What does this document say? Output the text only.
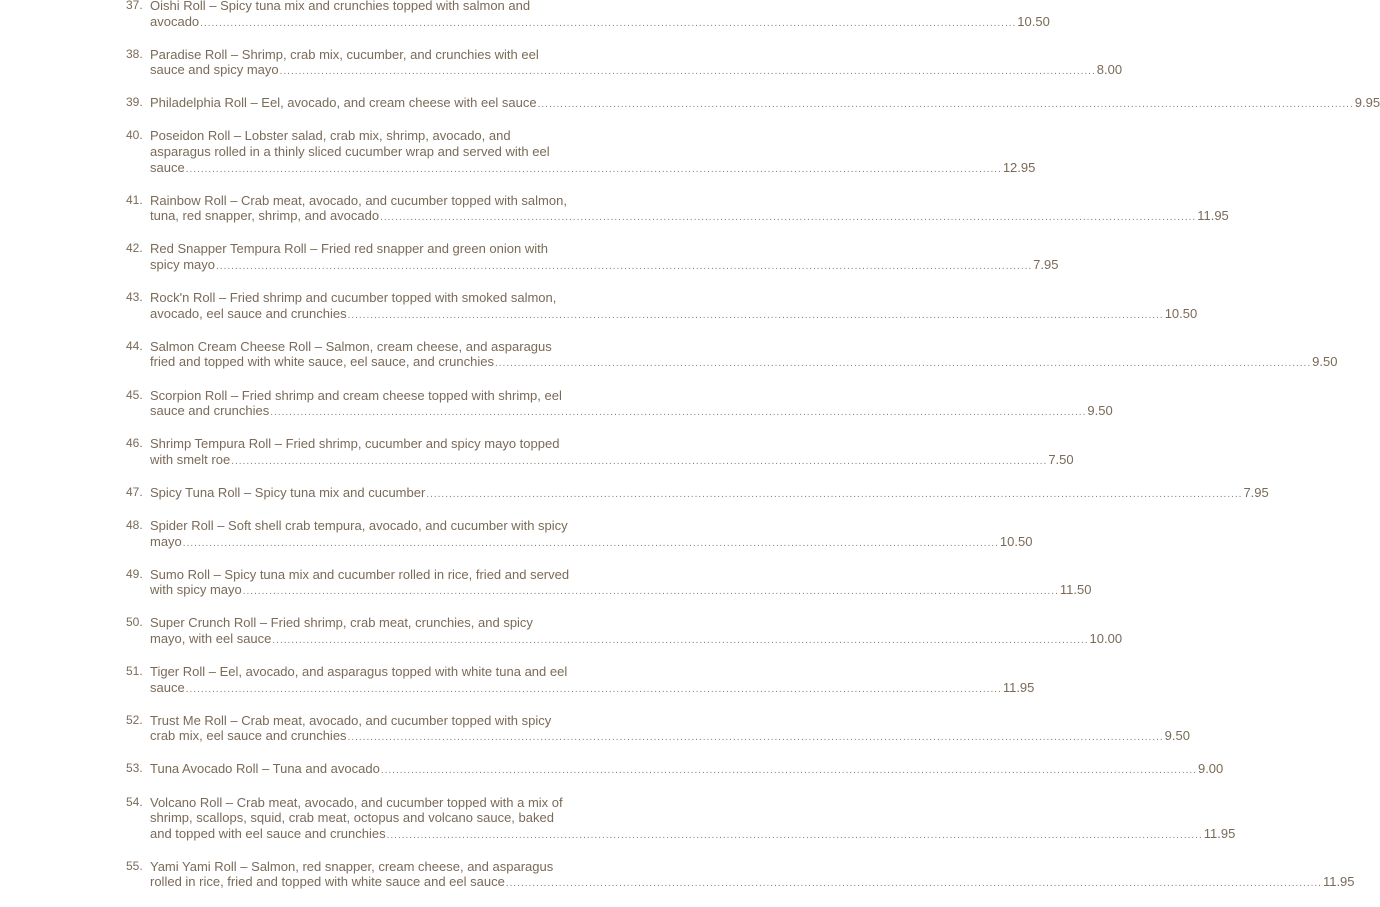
37. Oishi Roll – Spicy tuna mix and crunchies topped with salmon and
avocado .....	10.50
38. Paradise Roll – Shrimp, crab mix, cucumber, and crunchies with eel
sauce and spicy mayo .....	8.00
39. Philadelphia Roll – Eel, avocado, and cream cheese with eel sauce .....	9.95
40. Poseidon Roll – Lobster salad, crab mix, shrimp, avocado, and
asparagus rolled in a thinly sliced cucumber wrap and served with eel
sauce .....	12.95
41. Rainbow Roll – Crab meat, avocado, and cucumber topped with salmon,
tuna, red snapper, shrimp, and avocado .....	11.95
42. Red Snapper Tempura Roll – Fried red snapper and green onion with
spicy mayo .....	7.95
43. Rock'n Roll – Fried shrimp and cucumber topped with smoked salmon,
avocado, eel sauce and crunchies .....	10.50
44. Salmon Cream Cheese Roll – Salmon, cream cheese, and asparagus
fried and topped with white sauce, eel sauce, and crunchies .....	9.50
45. Scorpion Roll – Fried shrimp and cream cheese topped with shrimp, eel
sauce and crunchies .....	9.50
46. Shrimp Tempura Roll – Fried shrimp, cucumber and spicy mayo topped
with smelt roe .....	7.50
47. Spicy Tuna Roll – Spicy tuna mix and cucumber .....	7.95
48. Spider Roll – Soft shell crab tempura, avocado, and cucumber with spicy
mayo .....	10.50
49. Sumo Roll – Spicy tuna mix and cucumber rolled in rice, fried and served
with spicy mayo .....	11.50
50. Super Crunch Roll – Fried shrimp, crab meat, crunchies, and spicy
mayo, with eel sauce .....	10.00
51. Tiger Roll – Eel, avocado, and asparagus topped with white tuna and eel
sauce .....	11.95
52. Trust Me Roll – Crab meat, avocado, and cucumber topped with spicy
crab mix, eel sauce and crunchies .....	9.50
53. Tuna Avocado Roll – Tuna and avocado .....	9.00
54. Volcano Roll – Crab meat, avocado, and cucumber topped with a mix of
shrimp, scallops, squid, crab meat, octopus and volcano sauce, baked
and topped with eel sauce and crunchies .....	11.95
55. Yami Yami Roll – Salmon, red snapper, cream cheese, and asparagus
rolled in rice, fried and topped with white sauce and eel sauce .....	11.95
